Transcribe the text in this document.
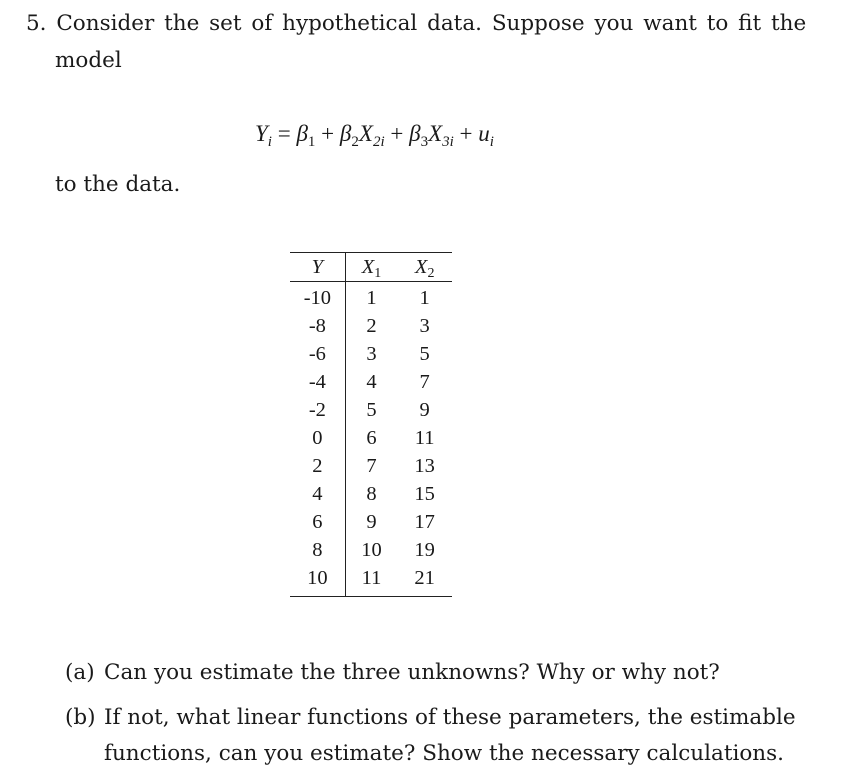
5. Consider the set of hypothetical data. Suppose you want to fit the
model
$Y_i = \beta_1 + \beta_2X_{2i} + \beta_3X_{3i} + u_i$
to the data.
Y	$X_1$	$X_2$
-10	1	1
-8	2	3
-6	3	5
-4	4	7
-2	5	9
0	6	11
2	7	13
4	8	15
6	9	17
8	10	19
10	11	21
(a) Can you estimate the three unknowns? Why or why not?
(b) If not, what linear functions of these parameters, the estimable
functions, can you estimate? Show the necessary calculations.
